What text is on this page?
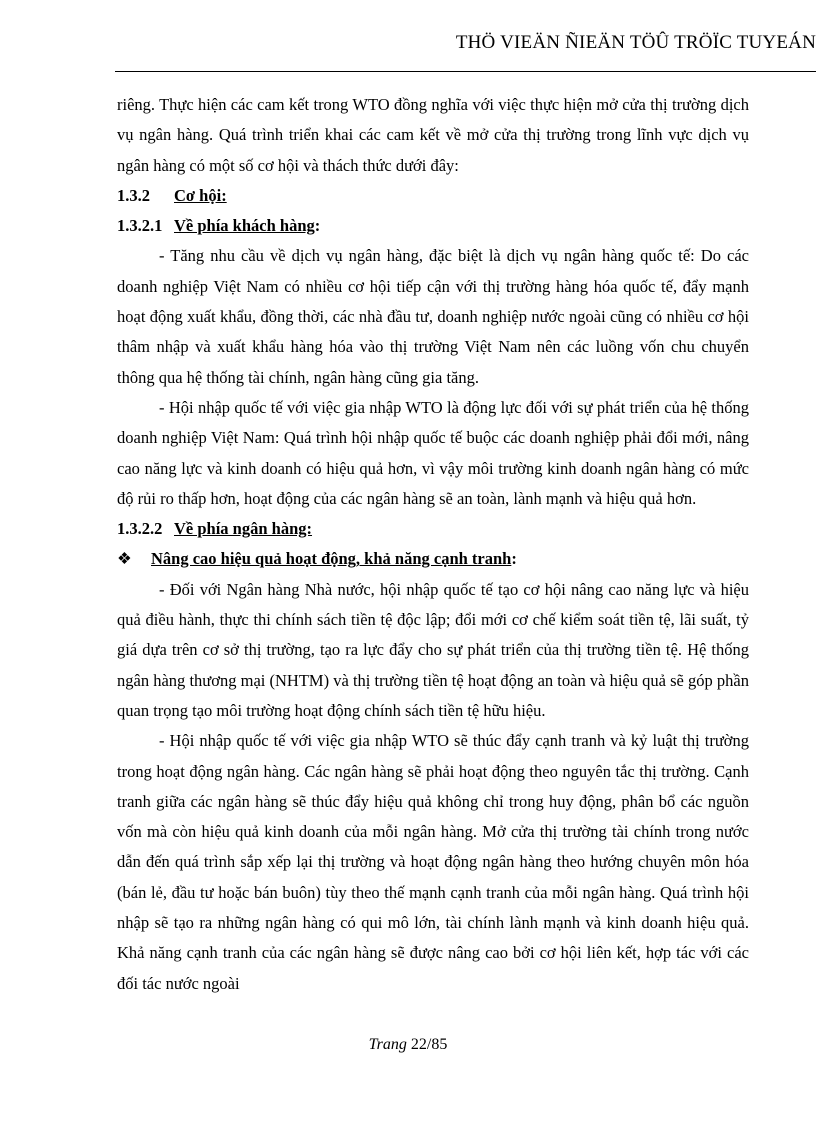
THÖ VIEÄN ÑIEÄN TÖÛ TRÖÏC TUYEÁN

riêng. Thực hiện các cam kết trong WTO đồng nghĩa với việc thực hiện mở cửa thị trường dịch vụ ngân hàng. Quá trình triển khai các cam kết về mở cửa thị trường trong lĩnh vực dịch vụ ngân hàng có một số cơ hội và thách thức dưới đây:

1.3.2 Cơ hội:

1.3.2.1 Về phía khách hàng:

- Tăng nhu cầu về dịch vụ ngân hàng, đặc biệt là dịch vụ ngân hàng quốc tế: Do các doanh nghiệp Việt Nam có nhiều cơ hội tiếp cận với thị trường hàng hóa quốc tế, đẩy mạnh hoạt động xuất khẩu, đồng thời, các nhà đầu tư, doanh nghiệp nước ngoài cũng có nhiều cơ hội thâm nhập và xuất khẩu hàng hóa vào thị trường Việt Nam nên các luồng vốn chu chuyển thông qua hệ thống tài chính, ngân hàng cũng gia tăng.

- Hội nhập quốc tế với việc gia nhập WTO là động lực đối với sự phát triển của hệ thống doanh nghiệp Việt Nam: Quá trình hội nhập quốc tế buộc các doanh nghiệp phải đổi mới, nâng cao năng lực và kinh doanh có hiệu quả hơn, vì vậy môi trường kinh doanh ngân hàng có mức độ rủi ro thấp hơn, hoạt động của các ngân hàng sẽ an toàn, lành mạnh và hiệu quả hơn.

1.3.2.2 Về phía ngân hàng:

❖ Nâng cao hiệu quả hoạt động, khả năng cạnh tranh:

- Đối với Ngân hàng Nhà nước, hội nhập quốc tế tạo cơ hội nâng cao năng lực và hiệu quả điều hành, thực thi chính sách tiền tệ độc lập; đổi mới cơ chế kiểm soát tiền tệ, lãi suất, tỷ giá dựa trên cơ sở thị trường, tạo ra lực đẩy cho sự phát triển của thị trường tiền tệ. Hệ thống ngân hàng thương mại (NHTM) và thị trường tiền tệ hoạt động an toàn và hiệu quả sẽ góp phần quan trọng tạo môi trường hoạt động chính sách tiền tệ hữu hiệu.

- Hội nhập quốc tế với việc gia nhập WTO sẽ thúc đẩy cạnh tranh và kỷ luật thị trường trong hoạt động ngân hàng. Các ngân hàng sẽ phải hoạt động theo nguyên tắc thị trường. Cạnh tranh giữa các ngân hàng sẽ thúc đẩy hiệu quả không chỉ trong huy động, phân bổ các nguồn vốn mà còn hiệu quả kinh doanh của mỗi ngân hàng. Mở cửa thị trường tài chính trong nước dẫn đến quá trình sắp xếp lại thị trường và hoạt động ngân hàng theo hướng chuyên môn hóa (bán lẻ, đầu tư hoặc bán buôn) tùy theo thế mạnh cạnh tranh của mỗi ngân hàng. Quá trình hội nhập sẽ tạo ra những ngân hàng có qui mô lớn, tài chính lành mạnh và kinh doanh hiệu quả. Khả năng cạnh tranh của các ngân hàng sẽ được nâng cao bởi cơ hội liên kết, hợp tác với các đối tác nước ngoài

Trang 22/85
